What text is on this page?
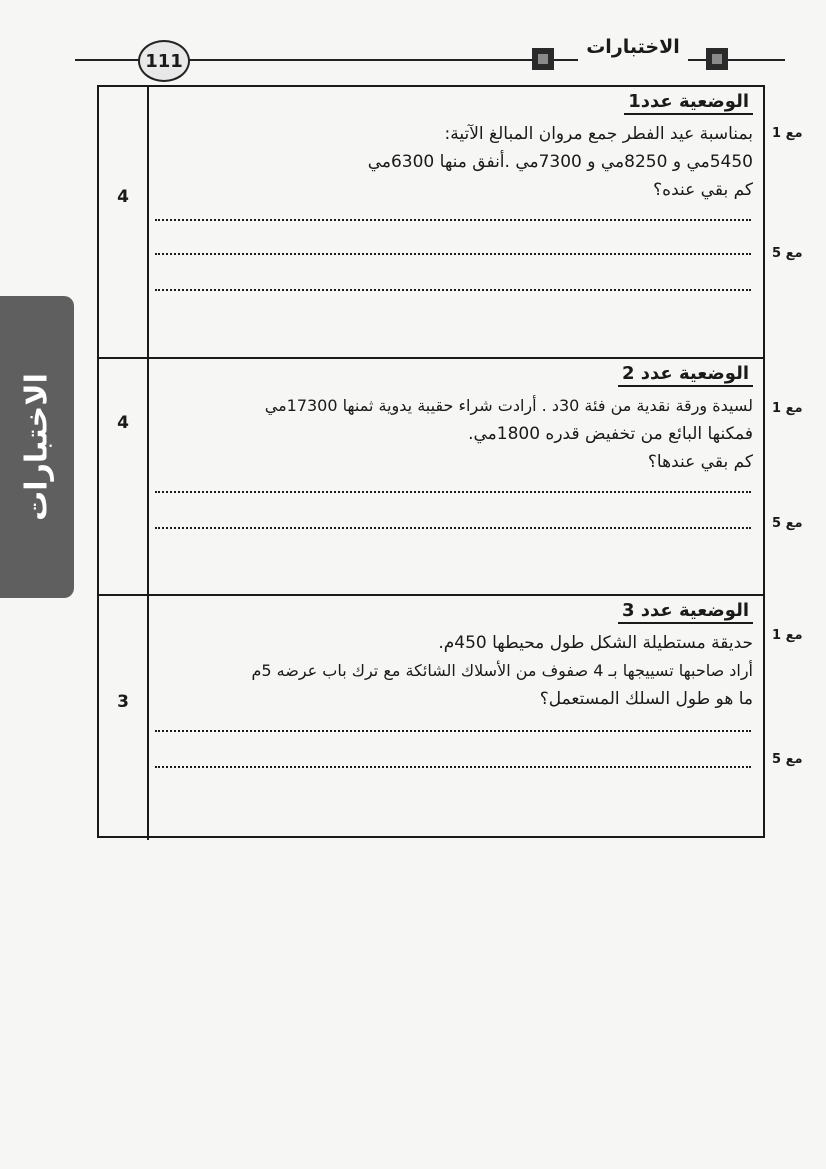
111
الاختبارات
الاختبارات
4
الوضعية عدد1
بمناسبة عيد الفطر جمع مروان المبالغ الآتية:
5450مي و 8250مي و 7300مي .أنفق منها 6300مي
كم بقي عنده؟
4
الوضعية عدد 2
لسيدة ورقة نقدية من فئة 30د . أرادت شراء حقيبة يدوية ثمنها 17300مي
فمكنها البائع من تخفيض قدره 1800مي.
كم بقي عندها؟
3
الوضعية عدد 3
حديقة مستطيلة الشكل طول محيطها 450م.
أراد صاحبها تسييجها بـ 4 صفوف من الأسلاك الشائكة مع ترك باب عرضه 5م
ما هو طول السلك المستعمل؟
مع 1
مع 5
مع 1
مع 5
مع 1
مع 5
